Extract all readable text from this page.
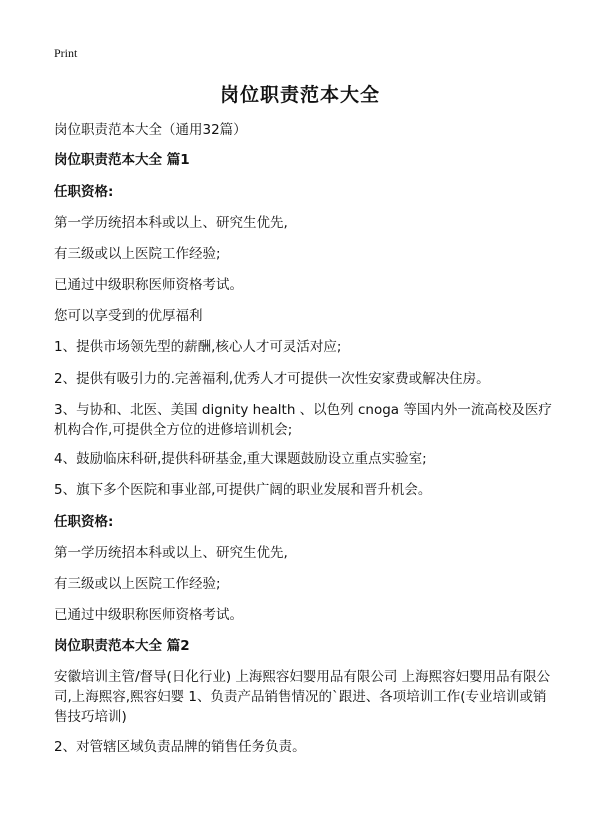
Print
岗位职责范本大全

岗位职责范本大全（通用32篇）

岗位职责范本大全 篇1

任职资格:

第一学历统招本科或以上、研究生优先,

有三级或以上医院工作经验;

已通过中级职称医师资格考试。

您可以享受到的优厚福利

1、提供市场领先型的薪酬,核心人才可灵活对应;

2、提供有吸引力的.完善福利,优秀人才可提供一次性安家费或解决住房。

3、与协和、北医、美国 dignity health 、以色列 cnoga 等国内外一流高校及医疗机构合作,可提供全方位的进修培训机会;

4、鼓励临床科研,提供科研基金,重大课题鼓励设立重点实验室;

5、旗下多个医院和事业部,可提供广阔的职业发展和晋升机会。

任职资格:

第一学历统招本科或以上、研究生优先,

有三级或以上医院工作经验;

已通过中级职称医师资格考试。

岗位职责范本大全 篇2

安徽培训主管/督导(日化行业) 上海熙容妇婴用品有限公司 上海熙容妇婴用品有限公司,上海熙容,熙容妇婴 1、负责产品销售情况的`跟进、各项培训工作(专业培训或销售技巧培训)

2、对管辖区域负责品牌的销售任务负责。
